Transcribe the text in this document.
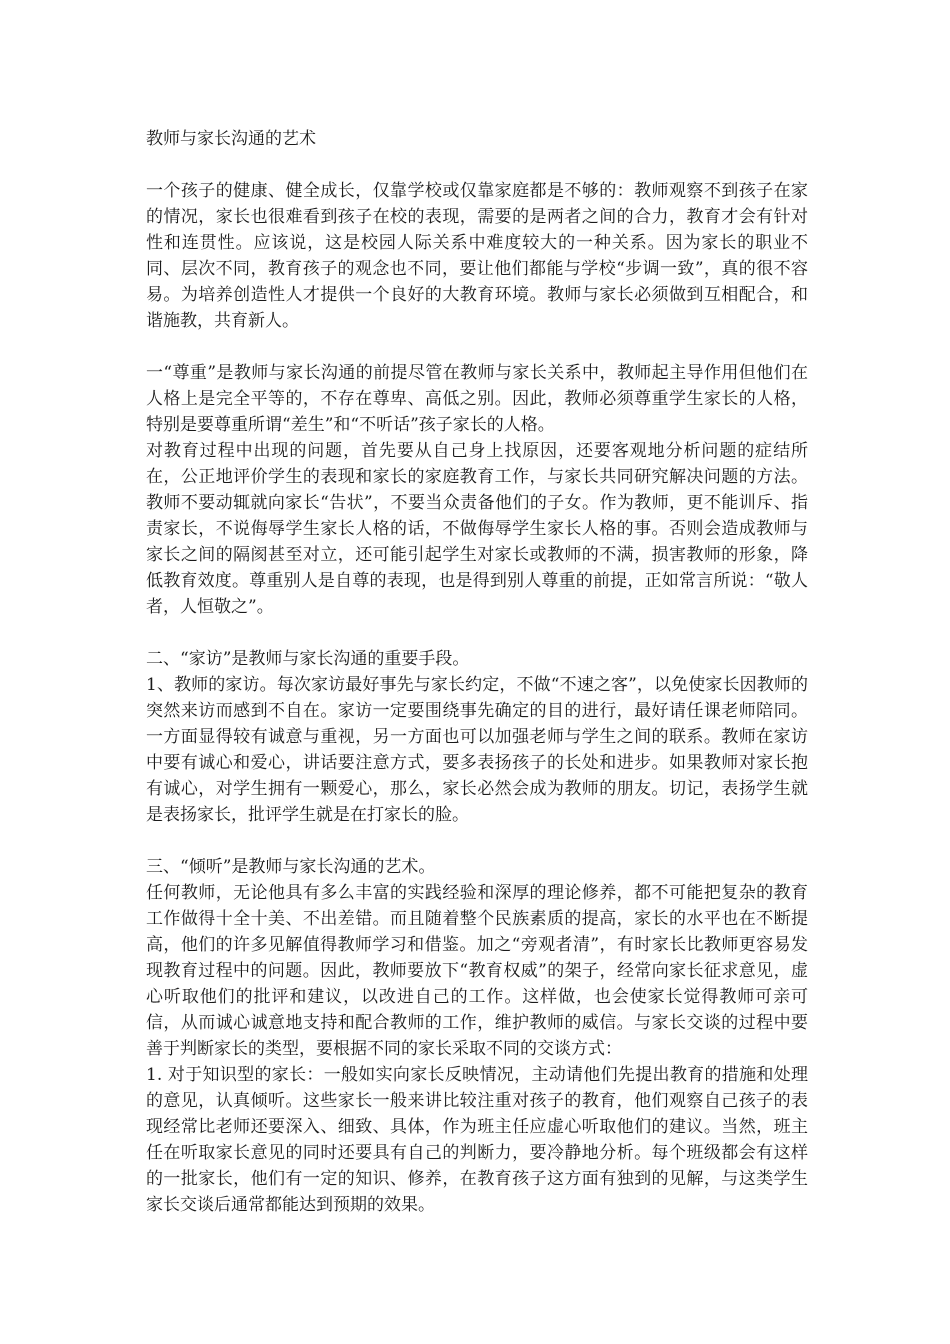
教师与家长沟通的艺术

一个孩子的健康、健全成长，仅靠学校或仅靠家庭都是不够的：教师观察不到孩子在家的情况，家长也很难看到孩子在校的表现，需要的是两者之间的合力，教育才会有针对性和连贯性。应该说，这是校园人际关系中难度较大的一种关系。因为家长的职业不同、层次不同，教育孩子的观念也不同，要让他们都能与学校“步调一致”，真的很不容易。为培养创造性人才提供一个良好的大教育环境。教师与家长必须做到互相配合，和谐施教，共育新人。

一“尊重”是教师与家长沟通的前提尽管在教师与家长关系中，教师起主导作用但他们在人格上是完全平等的，不存在尊卑、高低之别。因此，教师必须尊重学生家长的人格，特别是要尊重所谓“差生”和“不听话”孩子家长的人格。

对教育过程中出现的问题，首先要从自己身上找原因，还要客观地分析问题的症结所在，公正地评价学生的表现和家长的家庭教育工作，与家长共同研究解决问题的方法。教师不要动辄就向家长“告状”，不要当众责备他们的子女。作为教师，更不能训斥、指责家长，不说侮辱学生家长人格的话，不做侮辱学生家长人格的事。否则会造成教师与家长之间的隔阂甚至对立，还可能引起学生对家长或教师的不满，损害教师的形象，降低教育效度。尊重别人是自尊的表现，也是得到别人尊重的前提，正如常言所说：“敬人者，人恒敬之”。

二、“家访”是教师与家长沟通的重要手段。

1、教师的家访。每次家访最好事先与家长约定，不做“不速之客”，以免使家长因教师的突然来访而感到不自在。家访一定要围绕事先确定的目的进行，最好请任课老师陪同。一方面显得较有诚意与重视，另一方面也可以加强老师与学生之间的联系。教师在家访中要有诚心和爱心，讲话要注意方式，要多表扬孩子的长处和进步。如果教师对家长抱有诚心，对学生拥有一颗爱心，那么，家长必然会成为教师的朋友。切记，表扬学生就是表扬家长，批评学生就是在打家长的脸。

三、“倾听”是教师与家长沟通的艺术。

任何教师，无论他具有多么丰富的实践经验和深厚的理论修养，都不可能把复杂的教育工作做得十全十美、不出差错。而且随着整个民族素质的提高，家长的水平也在不断提高，他们的许多见解值得教师学习和借鉴。加之“旁观者清”，有时家长比教师更容易发现教育过程中的问题。因此，教师要放下“教育权威”的架子，经常向家长征求意见，虚心听取他们的批评和建议，以改进自己的工作。这样做，也会使家长觉得教师可亲可信，从而诚心诚意地支持和配合教师的工作，维护教师的威信。与家长交谈的过程中要善于判断家长的类型，要根据不同的家长采取不同的交谈方式：

1. 对于知识型的家长：一般如实向家长反映情况，主动请他们先提出教育的措施和处理的意见，认真倾听。这些家长一般来讲比较注重对孩子的教育，他们观察自己孩子的表现经常比老师还要深入、细致、具体，作为班主任应虚心听取他们的建议。当然，班主任在听取家长意见的同时还要具有自己的判断力，要冷静地分析。每个班级都会有这样的一批家长，他们有一定的知识、修养，在教育孩子这方面有独到的见解，与这类学生家长交谈后通常都能达到预期的效果。
